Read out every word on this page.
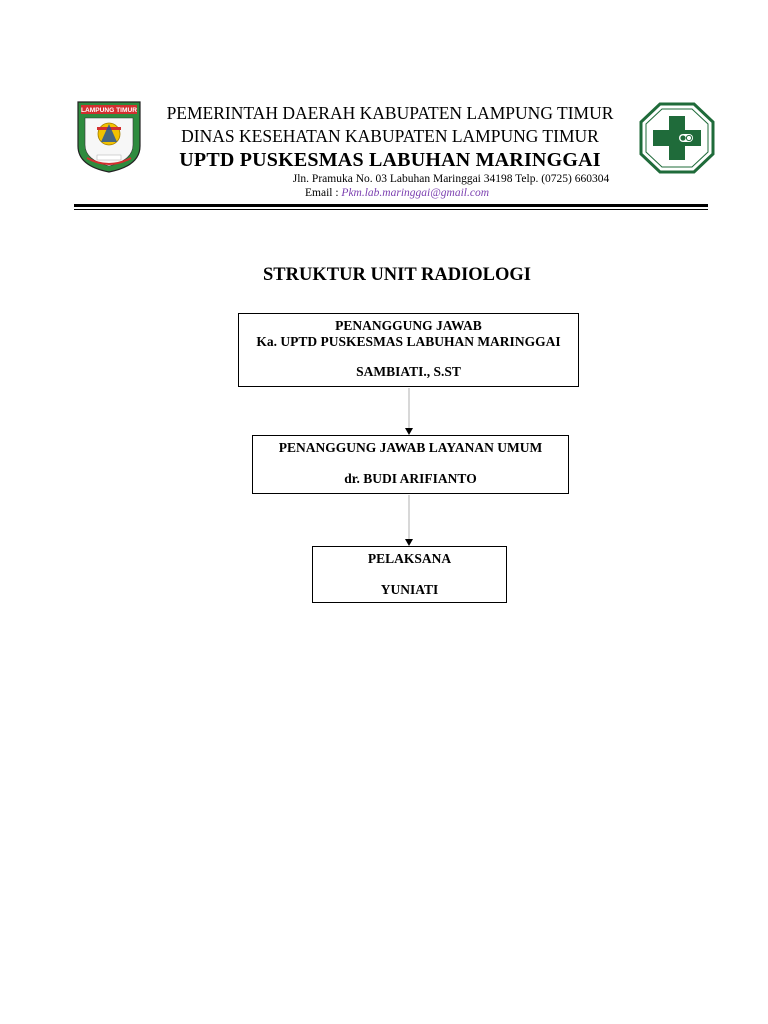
LAMPUNG TIMUR	PEMERINTAH DAERAH KABUPATEN LAMPUNG TIMUR
DINAS KESEHATAN KABUPATEN LAMPUNG TIMUR
UPTD PUSKESMAS LABUHAN MARINGGAI
Jln. Pramuka No. 03 Labuhan Maringgai 34198 Telp. (0725) 660304
Email : Pkm.lab.maringgai@gmail.com
STRUKTUR UNIT RADIOLOGI
PENANGGUNG JAWAB
Ka. UPTD PUSKESMAS LABUHAN MARINGGAI
SAMBIATI., S.ST
PENANGGUNG JAWAB LAYANAN UMUM
dr. BUDI ARIFIANTO
PELAKSANA
YUNIATI
